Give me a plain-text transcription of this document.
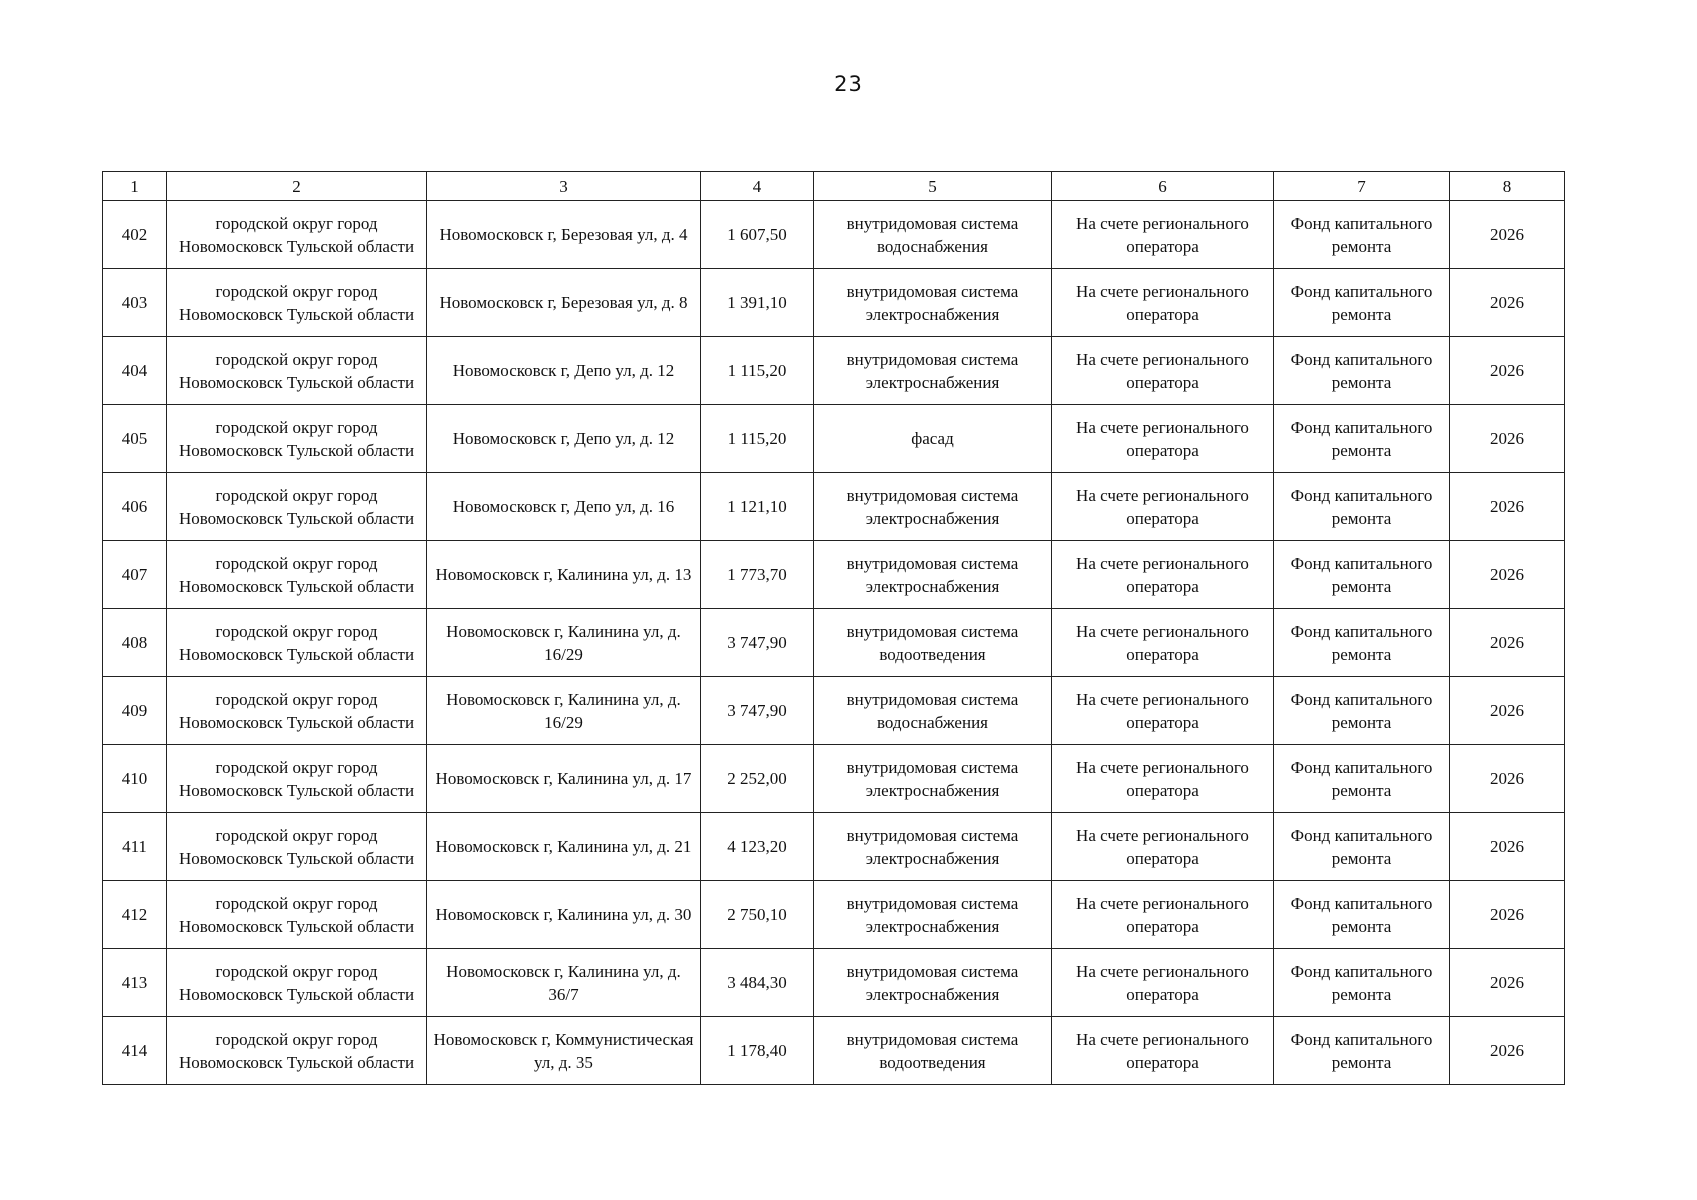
23
1	2	3	4	5	6	7	8
402	городской округ город Новомосковск Тульской области	Новомосковск г, Березовая ул, д. 4	1 607,50	внутридомовая система водоснабжения	На счете регионального оператора	Фонд капитального ремонта	2026
403	городской округ город Новомосковск Тульской области	Новомосковск г, Березовая ул, д. 8	1 391,10	внутридомовая система электроснабжения	На счете регионального оператора	Фонд капитального ремонта	2026
404	городской округ город Новомосковск Тульской области	Новомосковск г, Депо ул, д. 12	1 115,20	внутридомовая система электроснабжения	На счете регионального оператора	Фонд капитального ремонта	2026
405	городской округ город Новомосковск Тульской области	Новомосковск г, Депо ул, д. 12	1 115,20	фасад	На счете регионального оператора	Фонд капитального ремонта	2026
406	городской округ город Новомосковск Тульской области	Новомосковск г, Депо ул, д. 16	1 121,10	внутридомовая система электроснабжения	На счете регионального оператора	Фонд капитального ремонта	2026
407	городской округ город Новомосковск Тульской области	Новомосковск г, Калинина ул, д. 13	1 773,70	внутридомовая система электроснабжения	На счете регионального оператора	Фонд капитального ремонта	2026
408	городской округ город Новомосковск Тульской области	Новомосковск г, Калинина ул, д. 16/29	3 747,90	внутридомовая система водоотведения	На счете регионального оператора	Фонд капитального ремонта	2026
409	городской округ город Новомосковск Тульской области	Новомосковск г, Калинина ул, д. 16/29	3 747,90	внутридомовая система водоснабжения	На счете регионального оператора	Фонд капитального ремонта	2026
410	городской округ город Новомосковск Тульской области	Новомосковск г, Калинина ул, д. 17	2 252,00	внутридомовая система электроснабжения	На счете регионального оператора	Фонд капитального ремонта	2026
411	городской округ город Новомосковск Тульской области	Новомосковск г, Калинина ул, д. 21	4 123,20	внутридомовая система электроснабжения	На счете регионального оператора	Фонд капитального ремонта	2026
412	городской округ город Новомосковск Тульской области	Новомосковск г, Калинина ул, д. 30	2 750,10	внутридомовая система электроснабжения	На счете регионального оператора	Фонд капитального ремонта	2026
413	городской округ город Новомосковск Тульской области	Новомосковск г, Калинина ул, д. 36/7	3 484,30	внутридомовая система электроснабжения	На счете регионального оператора	Фонд капитального ремонта	2026
414	городской округ город Новомосковск Тульской области	Новомосковск г, Коммунистическая ул, д. 35	1 178,40	внутридомовая система водоотведения	На счете регионального оператора	Фонд капитального ремонта	2026
